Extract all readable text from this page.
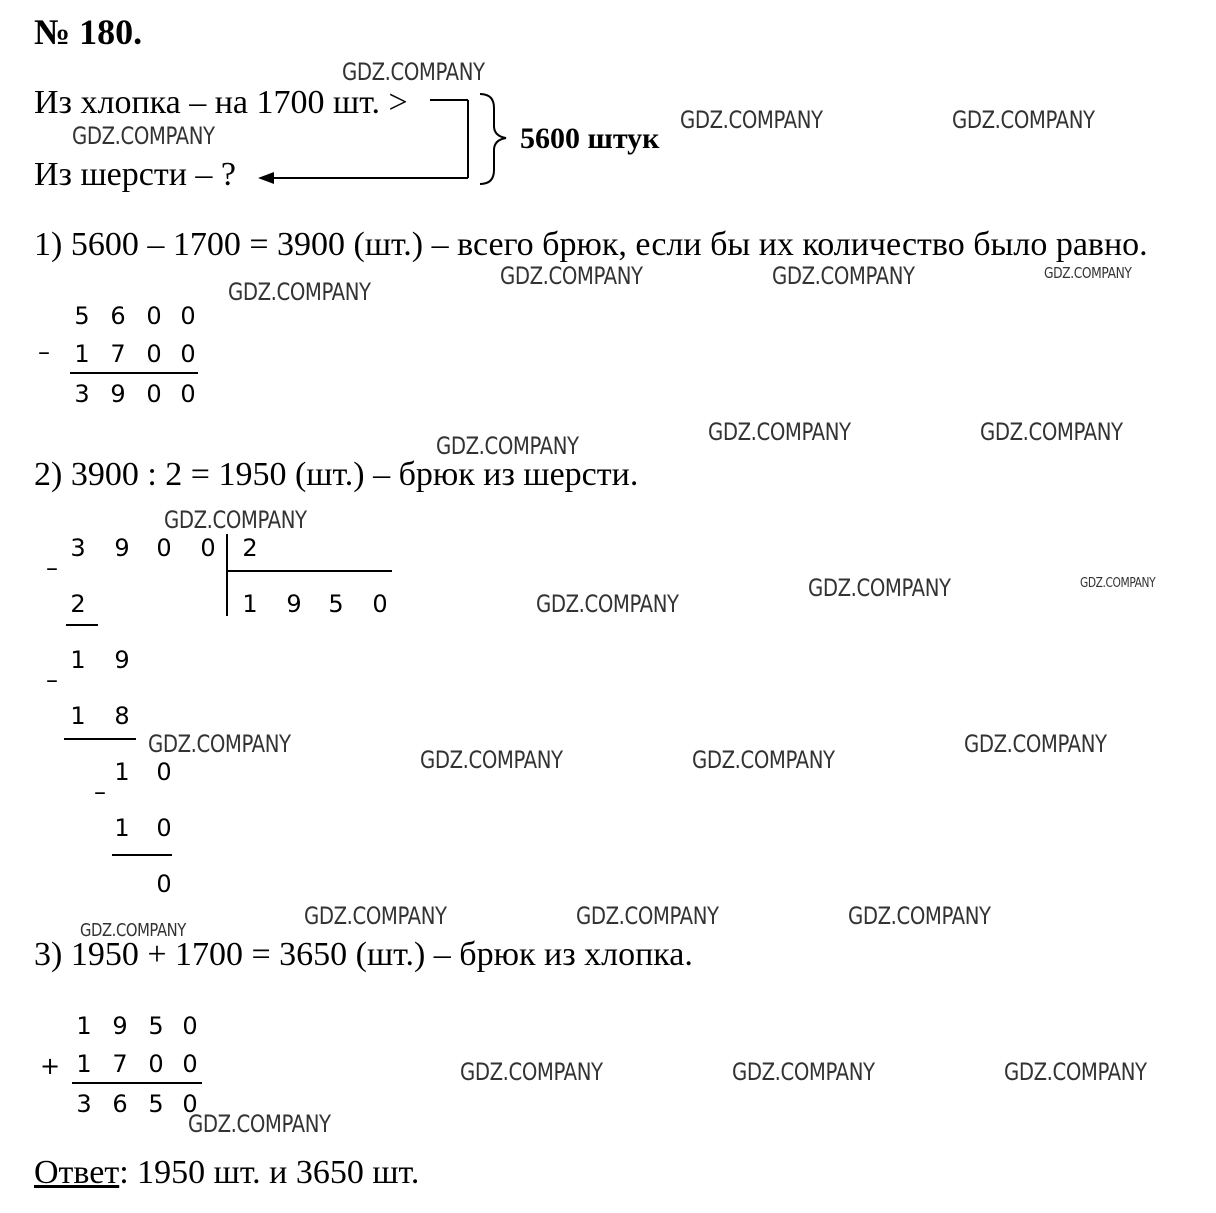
№ 180.
Из хлопка – на 1700 шт. >
Из шерсти – ?
5600 штук
1) 5600 – 1700 = 3900 (шт.) – всего брюк, если бы их количество было равно.
–
5 6 0 0
1 7 0 0
3 9 0 0
2) 3900 : 2 = 1950 (шт.) – брюк из шерсти.
3	9	0	0
–
2
1	9	5	0
2
1	9
–
1	8
1	0
–
1	0
0
3) 1950 + 1700 = 3650 (шт.) – брюк из хлопка.
+
1 9 5 0
1 7 0 0
3 6 5 0
Ответ: 1950 шт. и 3650 шт.
GDZ.COMPANY
GDZ.COMPANY
GDZ.COMPANY	GDZ.COMPANY
GDZ.COMPANY
GDZ.COMPANY	GDZ.COMPANY	GDZ.COMPANY
GDZ.COMPANY	GDZ.COMPANY	GDZ.COMPANY
GDZ.COMPANY
GDZ.COMPANY
GDZ.COMPANY	GDZ.COMPANY
GDZ.COMPANY
GDZ.COMPANY	GDZ.COMPANY
GDZ.COMPANY
GDZ.COMPANY
GDZ.COMPANY	GDZ.COMPANY	GDZ.COMPANY
GDZ.COMPANY	GDZ.COMPANY	GDZ.COMPANY
GDZ.COMPANY
